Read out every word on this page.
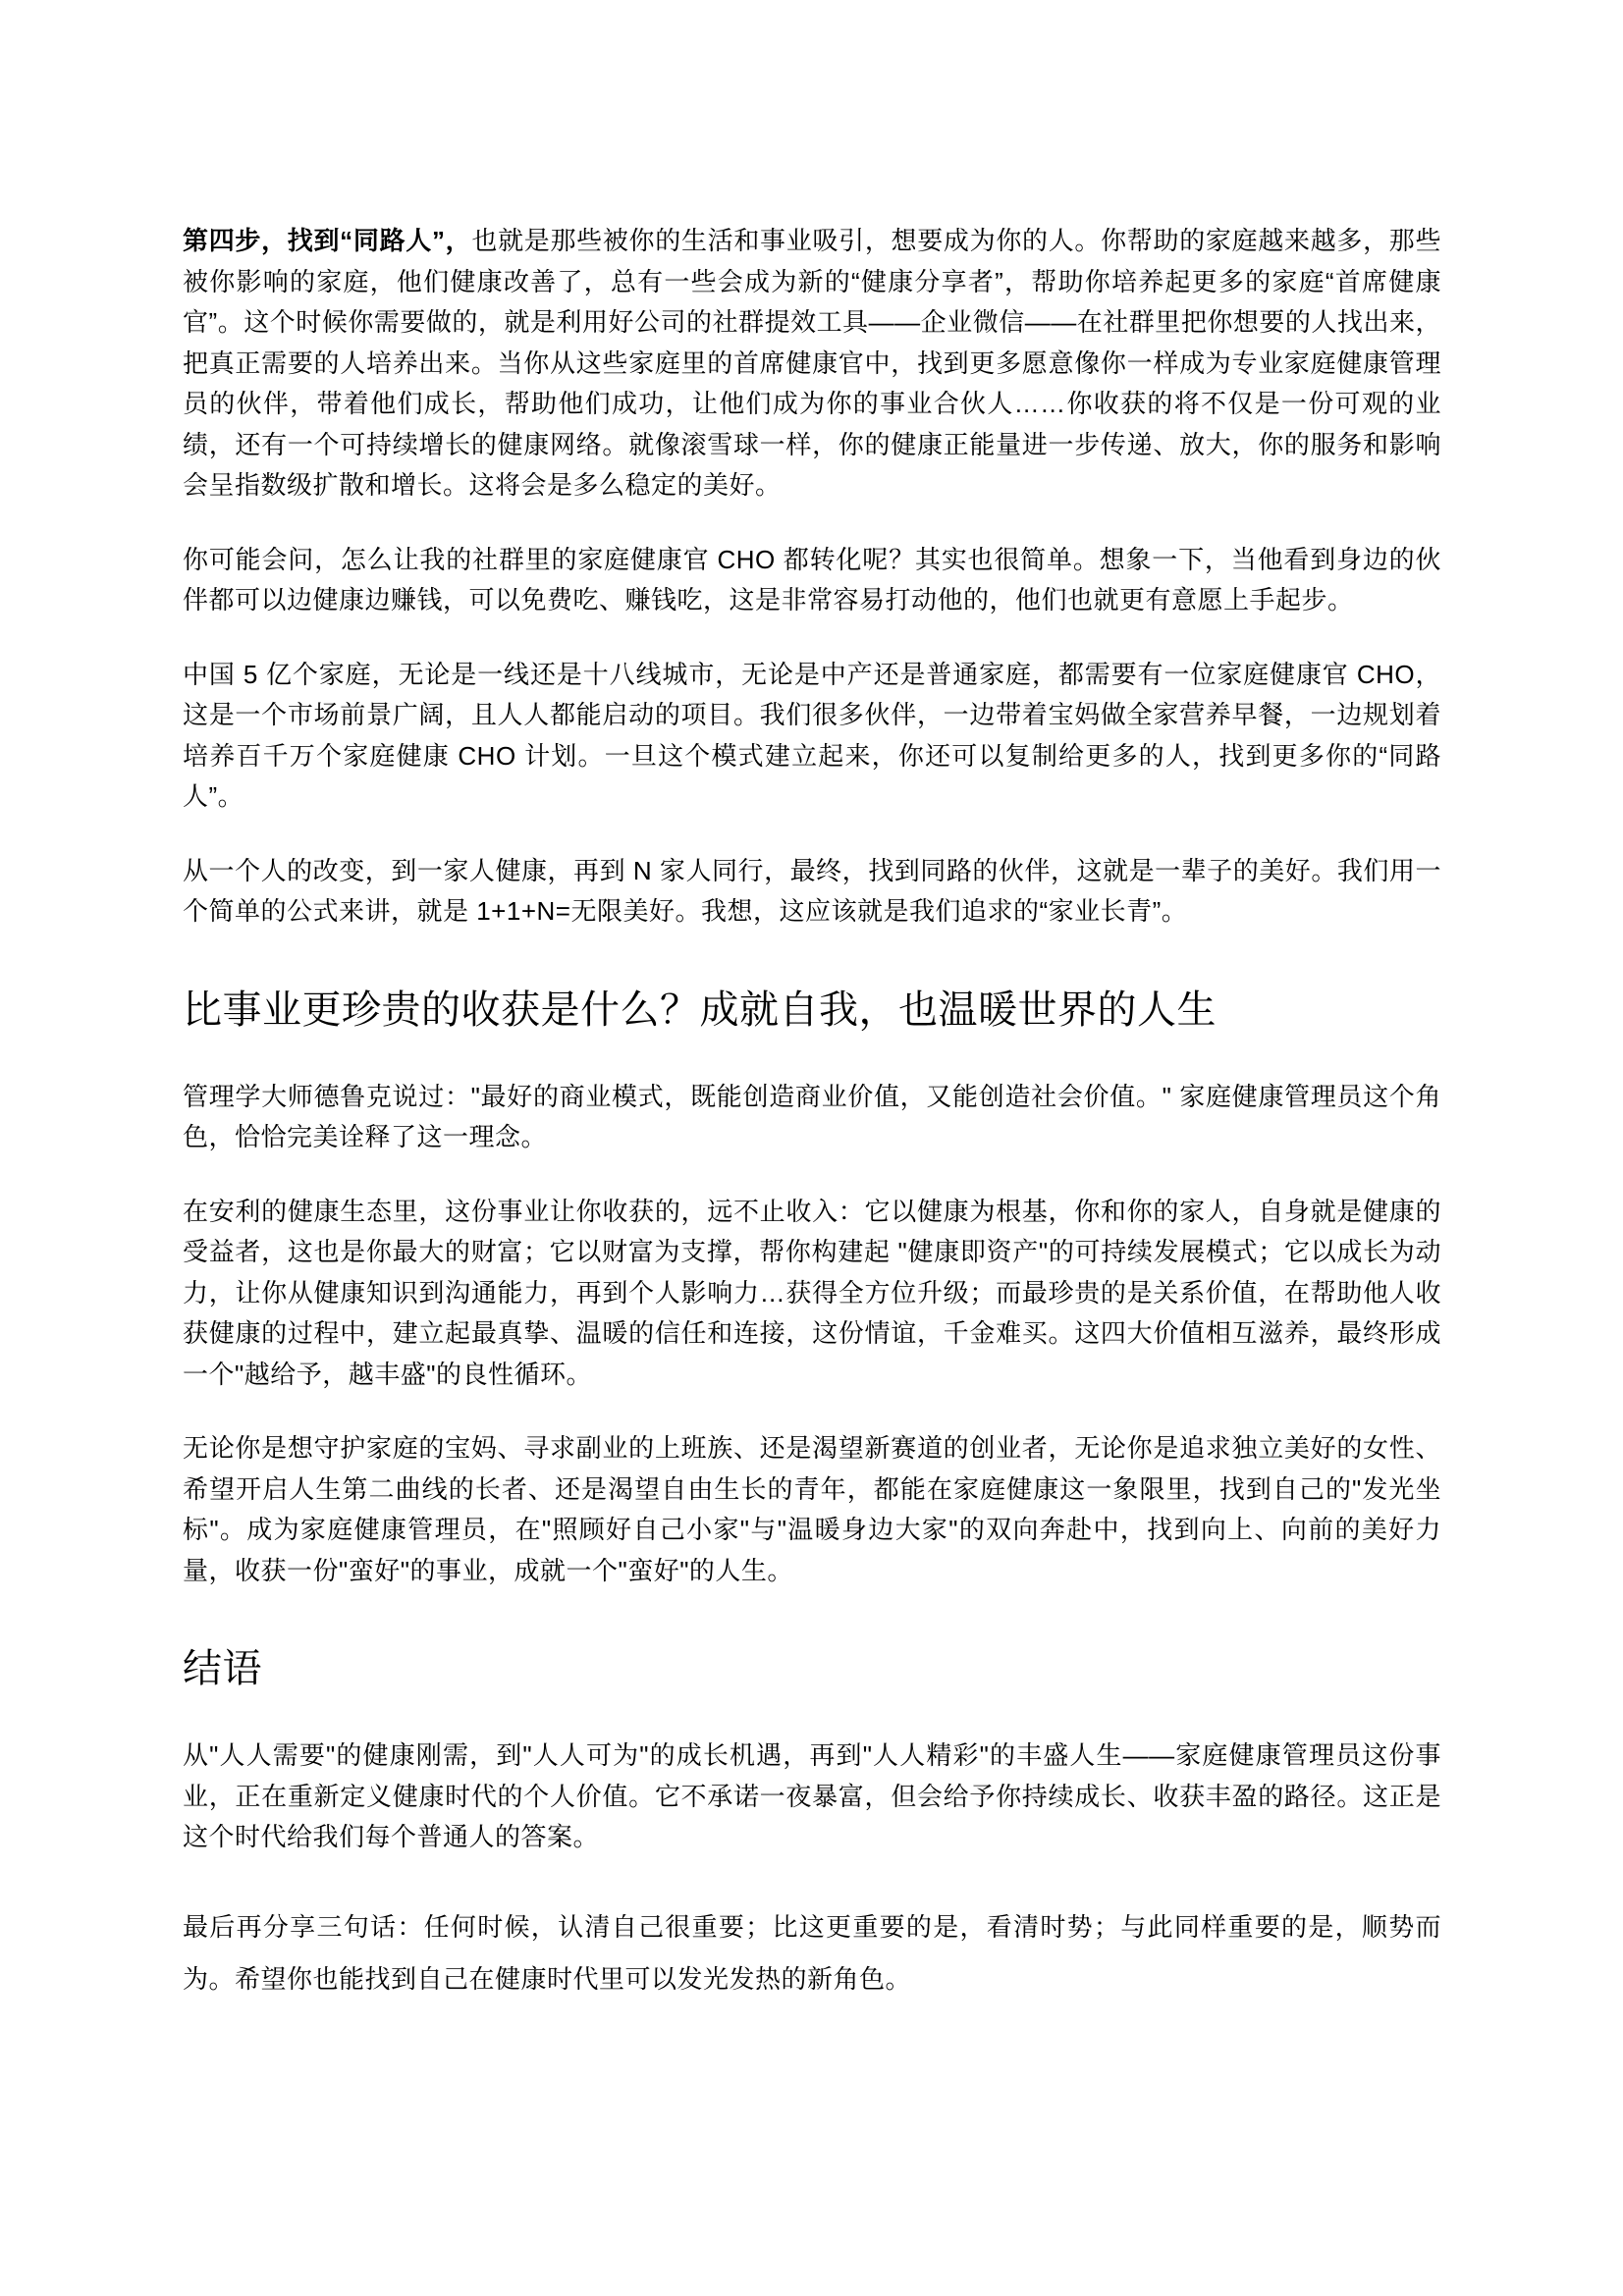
第四步，找到“同路人”，也就是那些被你的生活和事业吸引，想要成为你的人。你帮助的家庭越来越多，那些被你影响的家庭，他们健康改善了，总有一些会成为新的“健康分享者”，帮助你培养起更多的家庭“首席健康官”。这个时候你需要做的，就是利用好公司的社群提效工具——企业微信——在社群里把你想要的人找出来，把真正需要的人培养出来。当你从这些家庭里的首席健康官中，找到更多愿意像你一样成为专业家庭健康管理员的伙伴，带着他们成长，帮助他们成功，让他们成为你的事业合伙人……你收获的将不仅是一份可观的业绩，还有一个可持续增长的健康网络。就像滚雪球一样，你的健康正能量进一步传递、放大，你的服务和影响会呈指数级扩散和增长。这将会是多么稳定的美好。

你可能会问，怎么让我的社群里的家庭健康官 CHO 都转化呢？其实也很简单。想象一下，当他看到身边的伙伴都可以边健康边赚钱，可以免费吃、赚钱吃，这是非常容易打动他的，他们也就更有意愿上手起步。

中国 5 亿个家庭，无论是一线还是十八线城市，无论是中产还是普通家庭，都需要有一位家庭健康官 CHO，这是一个市场前景广阔，且人人都能启动的项目。我们很多伙伴，一边带着宝妈做全家营养早餐，一边规划着培养百千万个家庭健康 CHO 计划。一旦这个模式建立起来，你还可以复制给更多的人，找到更多你的“同路人”。

从一个人的改变，到一家人健康，再到 N 家人同行，最终，找到同路的伙伴，这就是一辈子的美好。我们用一个简单的公式来讲，就是 1+1+N=无限美好。我想，这应该就是我们追求的“家业长青”。

比事业更珍贵的收获是什么？成就自我，也温暖世界的人生

管理学大师德鲁克说过："最好的商业模式，既能创造商业价值，又能创造社会价值。" 家庭健康管理员这个角色，恰恰完美诠释了这一理念。

在安利的健康生态里，这份事业让你收获的，远不止收入：它以健康为根基，你和你的家人，自身就是健康的受益者，这也是你最大的财富；它以财富为支撑，帮你构建起 "健康即资产"的可持续发展模式；它以成长为动力，让你从健康知识到沟通能力，再到个人影响力…获得全方位升级；而最珍贵的是关系价值，在帮助他人收获健康的过程中，建立起最真挚、温暖的信任和连接，这份情谊，千金难买。这四大价值相互滋养，最终形成一个"越给予，越丰盛"的良性循环。

无论你是想守护家庭的宝妈、寻求副业的上班族、还是渴望新赛道的创业者，无论你是追求独立美好的女性、希望开启人生第二曲线的长者、还是渴望自由生长的青年，都能在家庭健康这一象限里，找到自己的"发光坐标"。成为家庭健康管理员，在"照顾好自己小家"与"温暖身边大家"的双向奔赴中，找到向上、向前的美好力量，收获一份"蛮好"的事业，成就一个"蛮好"的人生。

结语

从"人人需要"的健康刚需，到"人人可为"的成长机遇，再到"人人精彩"的丰盛人生——家庭健康管理员这份事业，正在重新定义健康时代的个人价值。它不承诺一夜暴富，但会给予你持续成长、收获丰盈的路径。这正是这个时代给我们每个普通人的答案。

最后再分享三句话：任何时候，认清自己很重要；比这更重要的是，看清时势；与此同样重要的是，顺势而为。希望你也能找到自己在健康时代里可以发光发热的新角色。
